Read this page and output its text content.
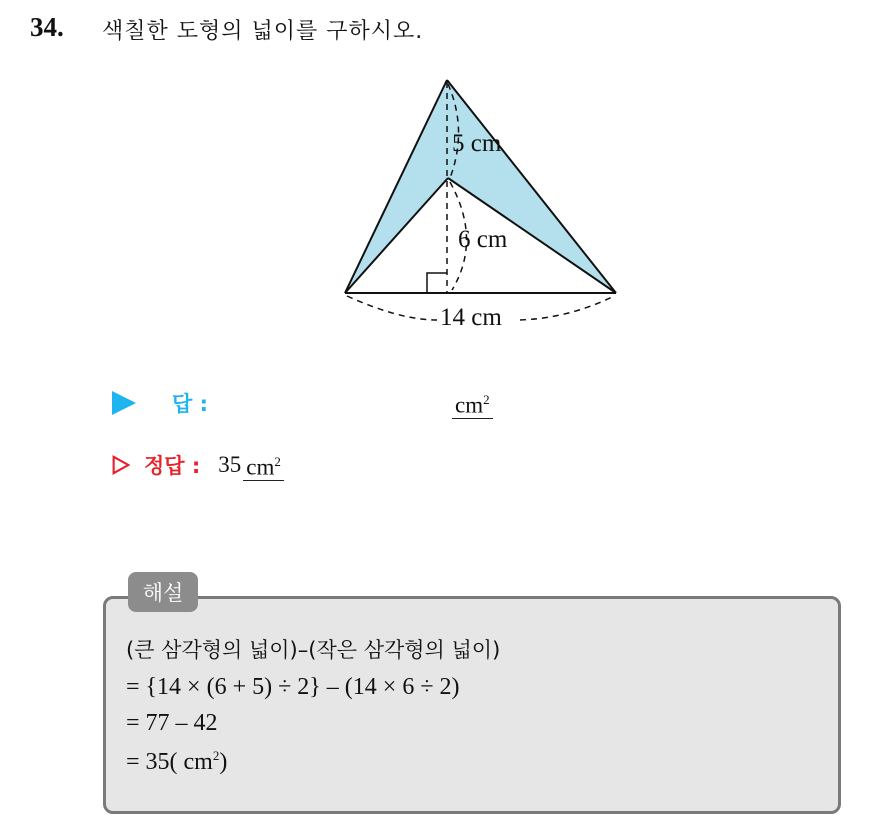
34. 색칠한 도형의 넓이를 구하시오.
5 cm
6 cm
14 cm
답 :	$cm^2$
정답 : 35 $cm^2$
해설
(큰 삼각형의 넓이)–(작은 삼각형의 넓이)
= {14 × (6 + 5) ÷ 2} – (14 × 6 ÷ 2)
= 77 – 42
= 35( $cm^2$)
